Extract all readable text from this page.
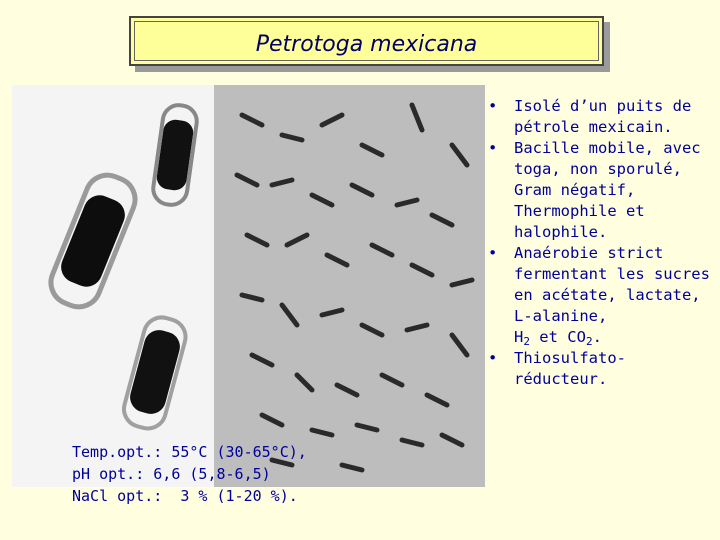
Petrotoga mexicana
Temp.opt.: 55°C (30-65°C),
pH opt.: 6,6 (5,8-6,5)
NaCl opt.:  3 % (1-20 %).
• Isolé d’un puits de pétrole mexicain.
• Bacille mobile, avec toga, non sporulé, Gram négatif, Thermophile et halophile.
• Anaérobie strict fermentant les sucres en acétate, lactate, L-alanine,
$H_2$ et $CO_2$.
• Thiosulfato-réducteur.
